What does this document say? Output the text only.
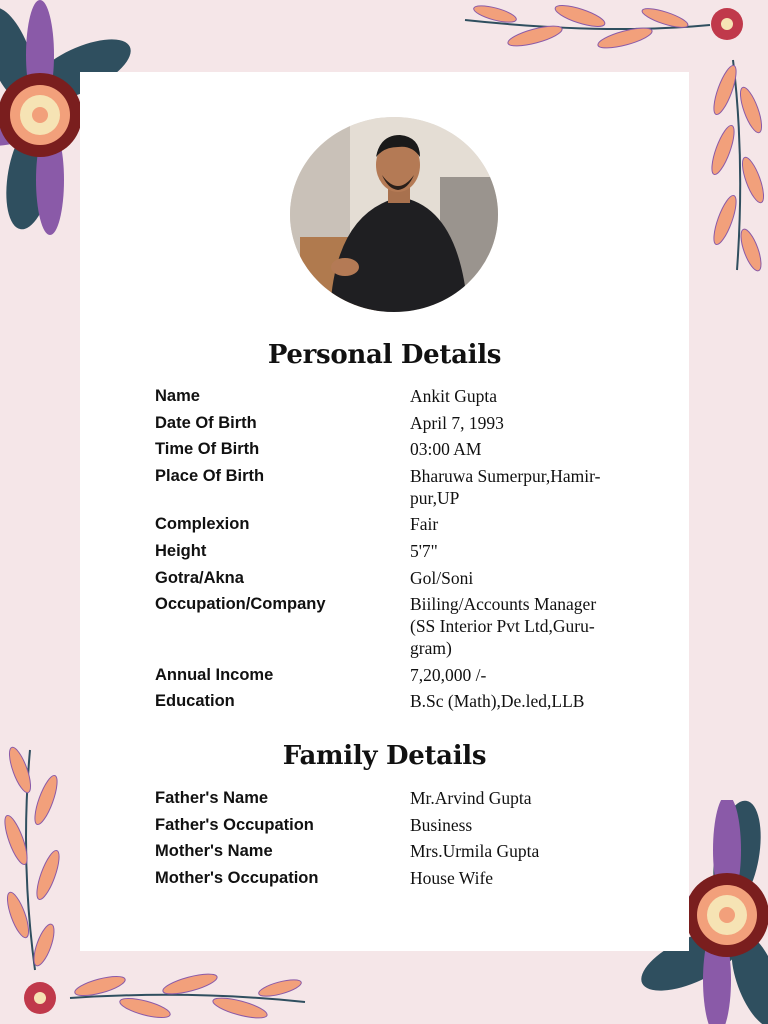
Personal Details
Name	Ankit Gupta
Date Of Birth	April 7, 1993
Time Of Birth	03:00 AM
Place Of Birth	Bharuwa Sumerpur,Hamir-
pur,UP
Complexion	Fair
Height	5'7"
Gotra/Akna	Gol/Soni
Occupation/Company	Biiling/Accounts Manager
(SS Interior Pvt Ltd,Guru-
gram)
Annual Income	7,20,000 /-
Education	B.Sc (Math),De.led,LLB
Family Details
Father's Name	Mr.Arvind Gupta
Father's Occupation	Business
Mother's Name	Mrs.Urmila Gupta
Mother's Occupation	House Wife
